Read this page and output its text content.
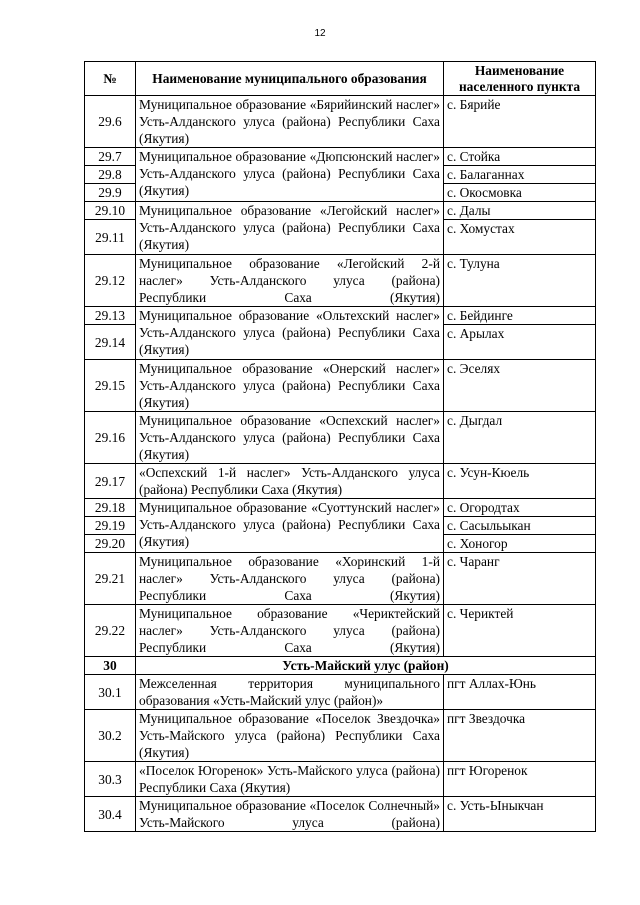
12
№	Наименование муниципального образования	Наименование населенного пункта
29.6	Муниципальное образование «Бярийинский наслег» Усть-Алданского улуса (района) Республики Саха (Якутия)	с. Бярийе
29.7	Муниципальное образование «Дюпсюнский наслег» Усть-Алданского улуса (района) Республики Саха (Якутия)	с. Стойка
29.8		с. Балаганнах
29.9		с. Окосмовка
29.10	Муниципальное образование «Легойский наслег» Усть-Алданского улуса (района) Республики Саха (Якутия)	с. Далы
29.11		с. Хомустах
29.12	Муниципальное образование «Легойский 2-й наслег» Усть-Алданского улуса (района) Республики Саха (Якутия)	с. Тулуна
29.13	Муниципальное образование «Ольтехский наслег» Усть-Алданского улуса (района) Республики Саха (Якутия)	с. Бейдинге
29.14		с. Арылах
29.15	Муниципальное образование «Онерский наслег» Усть-Алданского улуса (района) Республики Саха (Якутия)	с. Эселях
29.16	Муниципальное образование «Оспехский наслег» Усть-Алданского улуса (района) Республики Саха (Якутия)	с. Дыгдал
29.17	«Оспехский 1-й наслег» Усть-Алданского улуса (района) Республики Саха (Якутия)	с. Усун-Кюель
29.18	Муниципальное образование «Суоттунский наслег» Усть-Алданского улуса (района) Республики Саха (Якутия)	с. Огородтах
29.19		с. Сасыльыкан
29.20		с. Хоногор
29.21	Муниципальное образование «Хоринский 1-й наслег» Усть-Алданского улуса (района) Республики Саха (Якутия)	с. Чаранг
29.22	Муниципальное образование «Чериктейский наслег» Усть-Алданского улуса (района) Республики Саха (Якутия)	с. Чериктей
30	Усть-Майский улус (район)	
30.1	Межселенная территория муниципального образования «Усть-Майский улус (район)»	пгт Аллах-Юнь
30.2	Муниципальное образование «Поселок Звездочка» Усть-Майского улуса (района) Республики Саха (Якутия)	пгт Звездочка
30.3	«Поселок Югоренок» Усть-Майского улуса (района) Республики Саха (Якутия)	пгт Югоренок
30.4	Муниципальное образование «Поселок Солнечный» Усть-Майского улуса (района)	с. Усть-Ыныкчан
